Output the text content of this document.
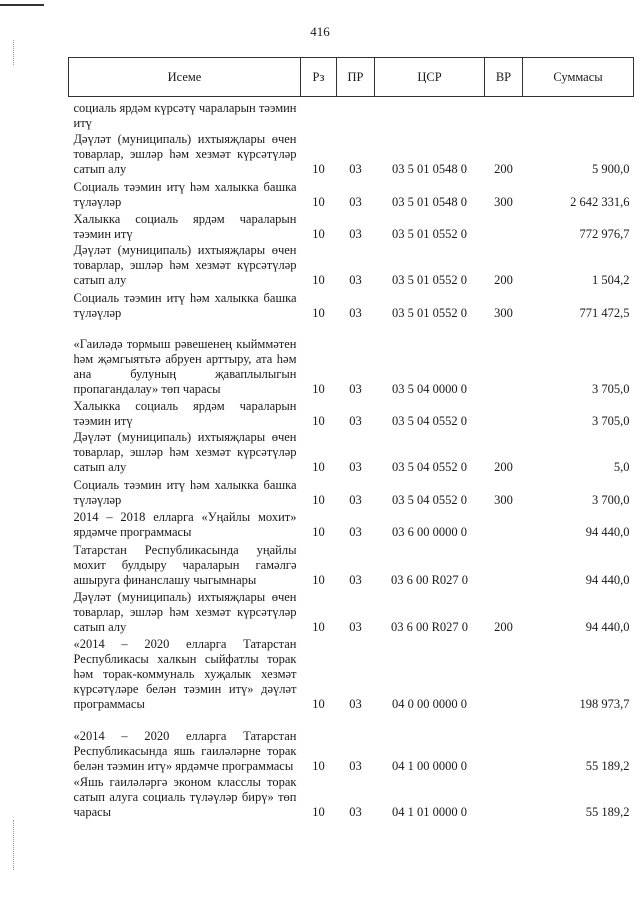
416
Исеме	Рз	ПР	ЦСР	ВР	Суммасы
социаль ярдәм күрсәтү чараларын тәэмин итү					
Дәүләт (муниципаль) ихтыяҗлары өчен товарлар, эшләр һәм хезмәт күрсәтүләр сатып алу	10	03	03 5 01 0548 0	200	5 900,0
Социаль тәэмин итү һәм халыкка башка түләүләр	10	03	03 5 01 0548 0	300	2 642 331,6
Халыкка социаль ярдәм чараларын тәэмин итү	10	03	03 5 01 0552 0		772 976,7
Дәүләт (муниципаль) ихтыяҗлары өчен товарлар, эшләр һәм хезмәт күрсәтүләр сатып алу	10	03	03 5 01 0552 0	200	1 504,2
Социаль тәэмин итү һәм халыкка башка түләүләр	10	03	03 5 01 0552 0	300	771 472,5
«Гаиләдә тормыш рәвешенең кыйммәтен һәм җәмгыятьтә абруен арттыру, ата һәм ана булуның җаваплылыгын пропагандалау» төп чарасы	10	03	03 5 04 0000 0		3 705,0
Халыкка социаль ярдәм чараларын тәэмин итү	10	03	03 5 04 0552 0		3 705,0
Дәүләт (муниципаль) ихтыяҗлары өчен товарлар, эшләр һәм хезмәт күрсәтүләр сатып алу	10	03	03 5 04 0552 0	200	5,0
Социаль тәэмин итү һәм халыкка башка түләүләр	10	03	03 5 04 0552 0	300	3 700,0
2014 – 2018 елларга «Уңайлы мохит» ярдәмче программасы	10	03	03 6 00 0000 0		94 440,0
Татарстан Республикасында уңайлы мохит булдыру чараларын гамәлгә ашыруга финанслашу чыгымнары	10	03	03 6 00 R027 0		94 440,0
Дәүләт (муниципаль) ихтыяҗлары өчен товарлар, эшләр һәм хезмәт күрсәтүләр сатып алу	10	03	03 6 00 R027 0	200	94 440,0
«2014 – 2020 елларга Татарстан Республикасы халкын сыйфатлы торак һәм торак-коммуналь хуҗалык хезмәт күрсәтүләре белән тәэмин итү» дәүләт программасы	10	03	04 0 00 0000 0		198 973,7
«2014 – 2020 елларга Татарстан Республикасында яшь гаиләләрне торак белән тәэмин итү» ярдәмче программасы	10	03	04 1 00 0000 0		55 189,2
«Яшь гаиләләргә эконом класслы торак сатып алуга социаль түләүләр бирү» төп чарасы	10	03	04 1 01 0000 0		55 189,2
